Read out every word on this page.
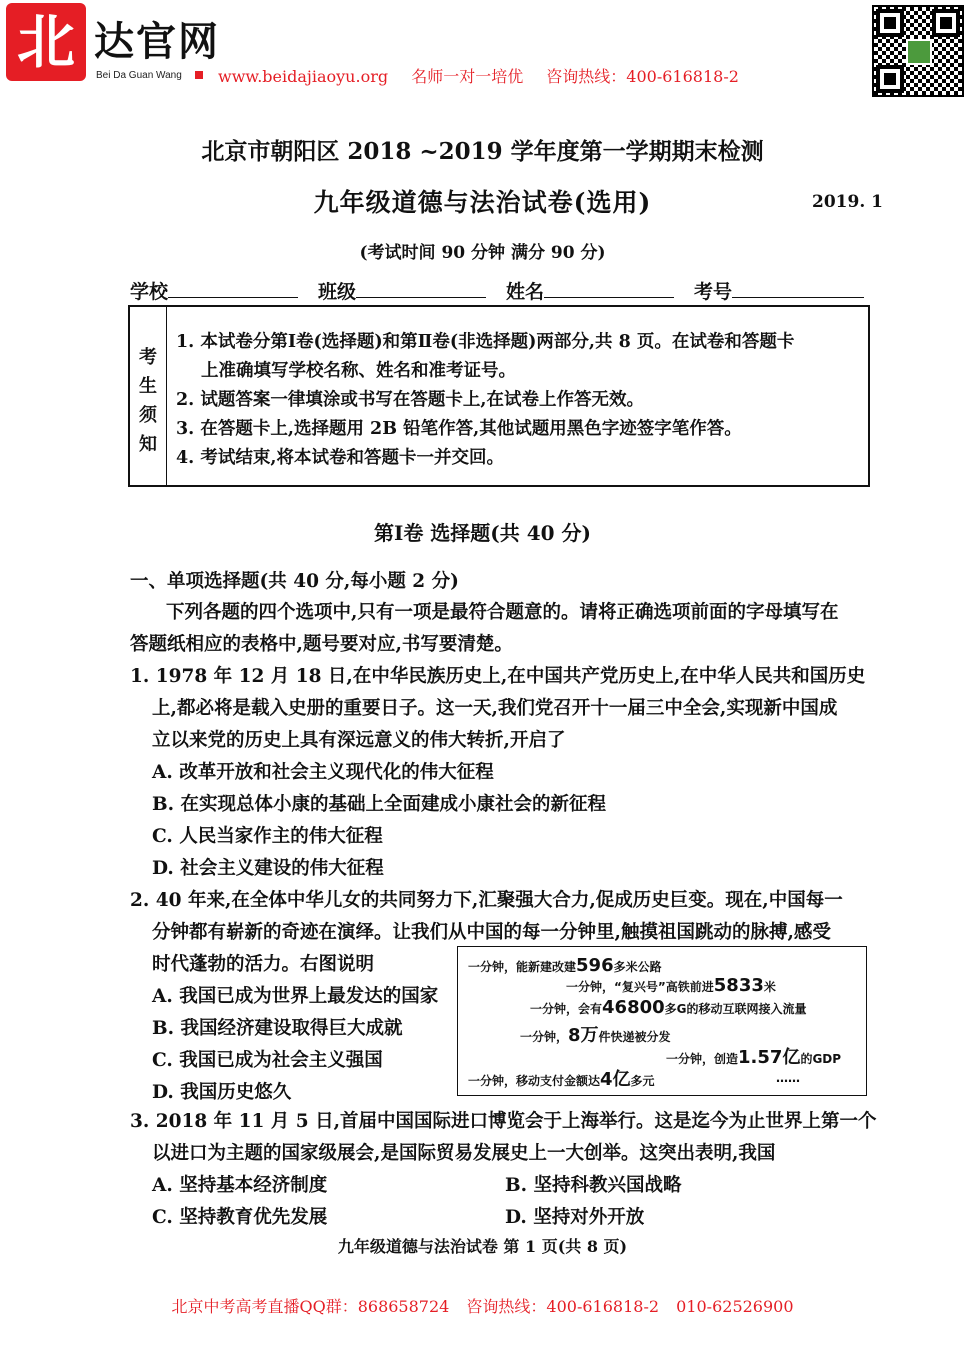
北 达官网
Bei Da Guan Wang www.beidajiaoyu.org 名师一对一培优 咨询热线：400-616818-2
北京市朝阳区 2018 ~2019 学年度第一学期期末检测
九年级道德与法治试卷(选用)	2019. 1
(考试时间 90 分钟 满分 90 分)
学校	班级	姓名	考号
考
生
须
知
1. 本试卷分第Ⅰ卷(选择题)和第Ⅱ卷(非选择题)两部分,共 8 页。在试卷和答题卡
上准确填写学校名称、姓名和准考证号。
2. 试题答案一律填涂或书写在答题卡上,在试卷上作答无效。
3. 在答题卡上,选择题用 2B 铅笔作答,其他试题用黑色字迹签字笔作答。
4. 考试结束,将本试卷和答题卡一并交回。
第Ⅰ卷 选择题(共 40 分)
一、单项选择题(共 40 分,每小题 2 分)
下列各题的四个选项中,只有一项是最符合题意的。请将正确选项前面的字母填写在
答题纸相应的表格中,题号要对应,书写要清楚。
1. 1978 年 12 月 18 日,在中华民族历史上,在中国共产党历史上,在中华人民共和国历史
上,都必将是载入史册的重要日子。这一天,我们党召开十一届三中全会,实现新中国成
立以来党的历史上具有深远意义的伟大转折,开启了
A. 改革开放和社会主义现代化的伟大征程
B. 在实现总体小康的基础上全面建成小康社会的新征程
C. 人民当家作主的伟大征程
D. 社会主义建设的伟大征程
2. 40 年来,在全体中华儿女的共同努力下,汇聚强大合力,促成历史巨变。现在,中国每一
分钟都有崭新的奇迹在演绎。让我们从中国的每一分钟里,触摸祖国跳动的脉搏,感受
时代蓬勃的活力。右图说明
A. 我国已成为世界上最发达的国家
B. 我国经济建设取得巨大成就
C. 我国已成为社会主义强国
D. 我国历史悠久
一分钟，能新建改建596多米公路
一分钟，“复兴号”高铁前进5833米
一分钟，会有46800多G的移动互联网接入流量
一分钟，8万件快递被分发
一分钟，创造1.57亿的GDP
一分钟，移动支付金额达4亿多元	……
3. 2018 年 11 月 5 日,首届中国国际进口博览会于上海举行。这是迄今为止世界上第一个
以进口为主题的国家级展会,是国际贸易发展史上一大创举。这突出表明,我国
A. 坚持基本经济制度	B. 坚持科教兴国战略
C. 坚持教育优先发展	D. 坚持对外开放
九年级道德与法治试卷 第 1 页(共 8 页)
北京中考高考直播QQ群：868658724 咨询热线：400-616818-2 010-62526900
